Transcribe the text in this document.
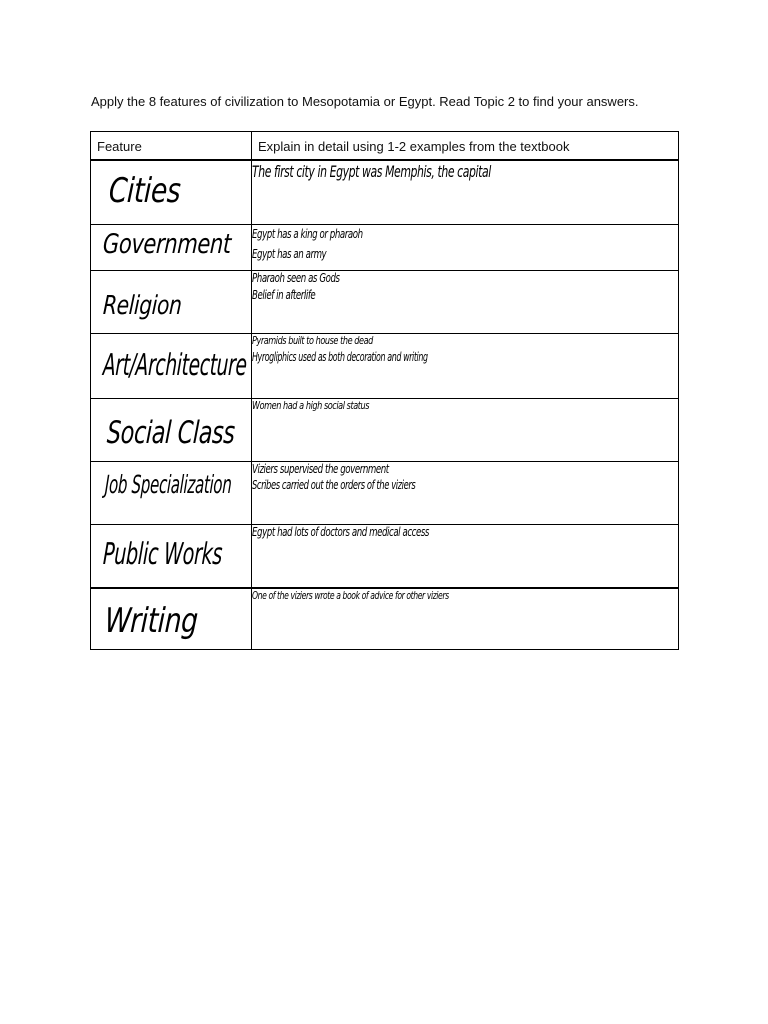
Apply the 8 features of civilization to Mesopotamia or Egypt. Read Topic 2 to find your answers.
Feature	Explain in detail using 1-2 examples from the textbook

Cities	The first city in Egypt was Memphis, the capital

Government	Egypt has a king or pharaoh
Egypt has an army

Religion	Pharaoh seen as Gods
Belief in afterlife

Art/Architecture	Pyramids built to house the dead
Hyrogliphics used as both decoration and writing

Social Class	Women had a high social status

Job Specialization	Viziers supervised the government
Scribes carried out the orders of the viziers

Public Works	Egypt had lots of doctors and medical access

Writing	One of the viziers wrote a book of advice for other viziers
